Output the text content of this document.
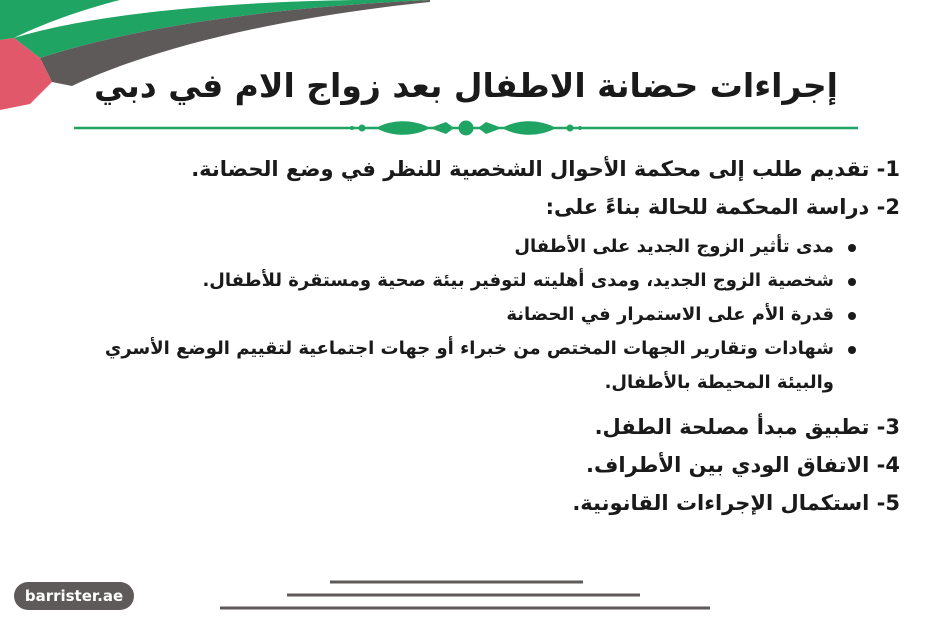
إجراءات حضانة الاطفال بعد زواج الام في دبي

1- تقديم طلب إلى محكمة الأحوال الشخصية للنظر في وضع الحضانة.

2- دراسة المحكمة للحالة بناءً على:

مدى تأثير الزوج الجديد على الأطفال
شخصية الزوج الجديد، ومدى أهليته لتوفير بيئة صحية ومستقرة للأطفال.
قدرة الأم على الاستمرار في الحضانة
شهادات وتقارير الجهات المختص من خبراء أو جهات اجتماعية لتقييم الوضع الأسري والبيئة المحيطة بالأطفال.

3- تطبيق مبدأ مصلحة الطفل.

4- الاتفاق الودي بين الأطراف.

5- استكمال الإجراءات القانونية.

barrister.ae
